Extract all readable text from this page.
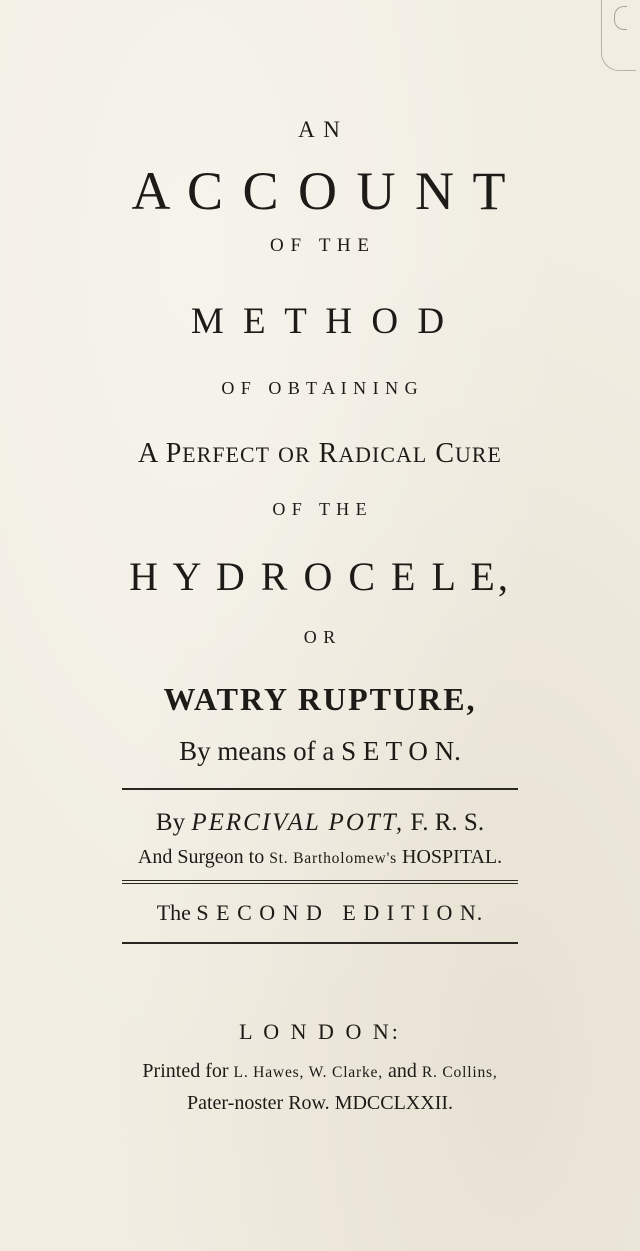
A N
A C C O U N T
O F   T H E
M E T H O D
O F   O B T A I N I N G
A PERFECT OR RADICAL CURE
O F   T H E
H Y D R O C E L E,
O R
WATRY RUPTURE,
By means of a S E T O N.
By PERCIVAL POTT, F. R. S.
And Surgeon to St. Bartholomew's HOSPITAL.
The S E C O N D   E D I T I O N.
L O N D O N:
Printed for L. Hawes, W. Clarke, and R. Collins,
Pater-noster Row. MDCCLXXII.
